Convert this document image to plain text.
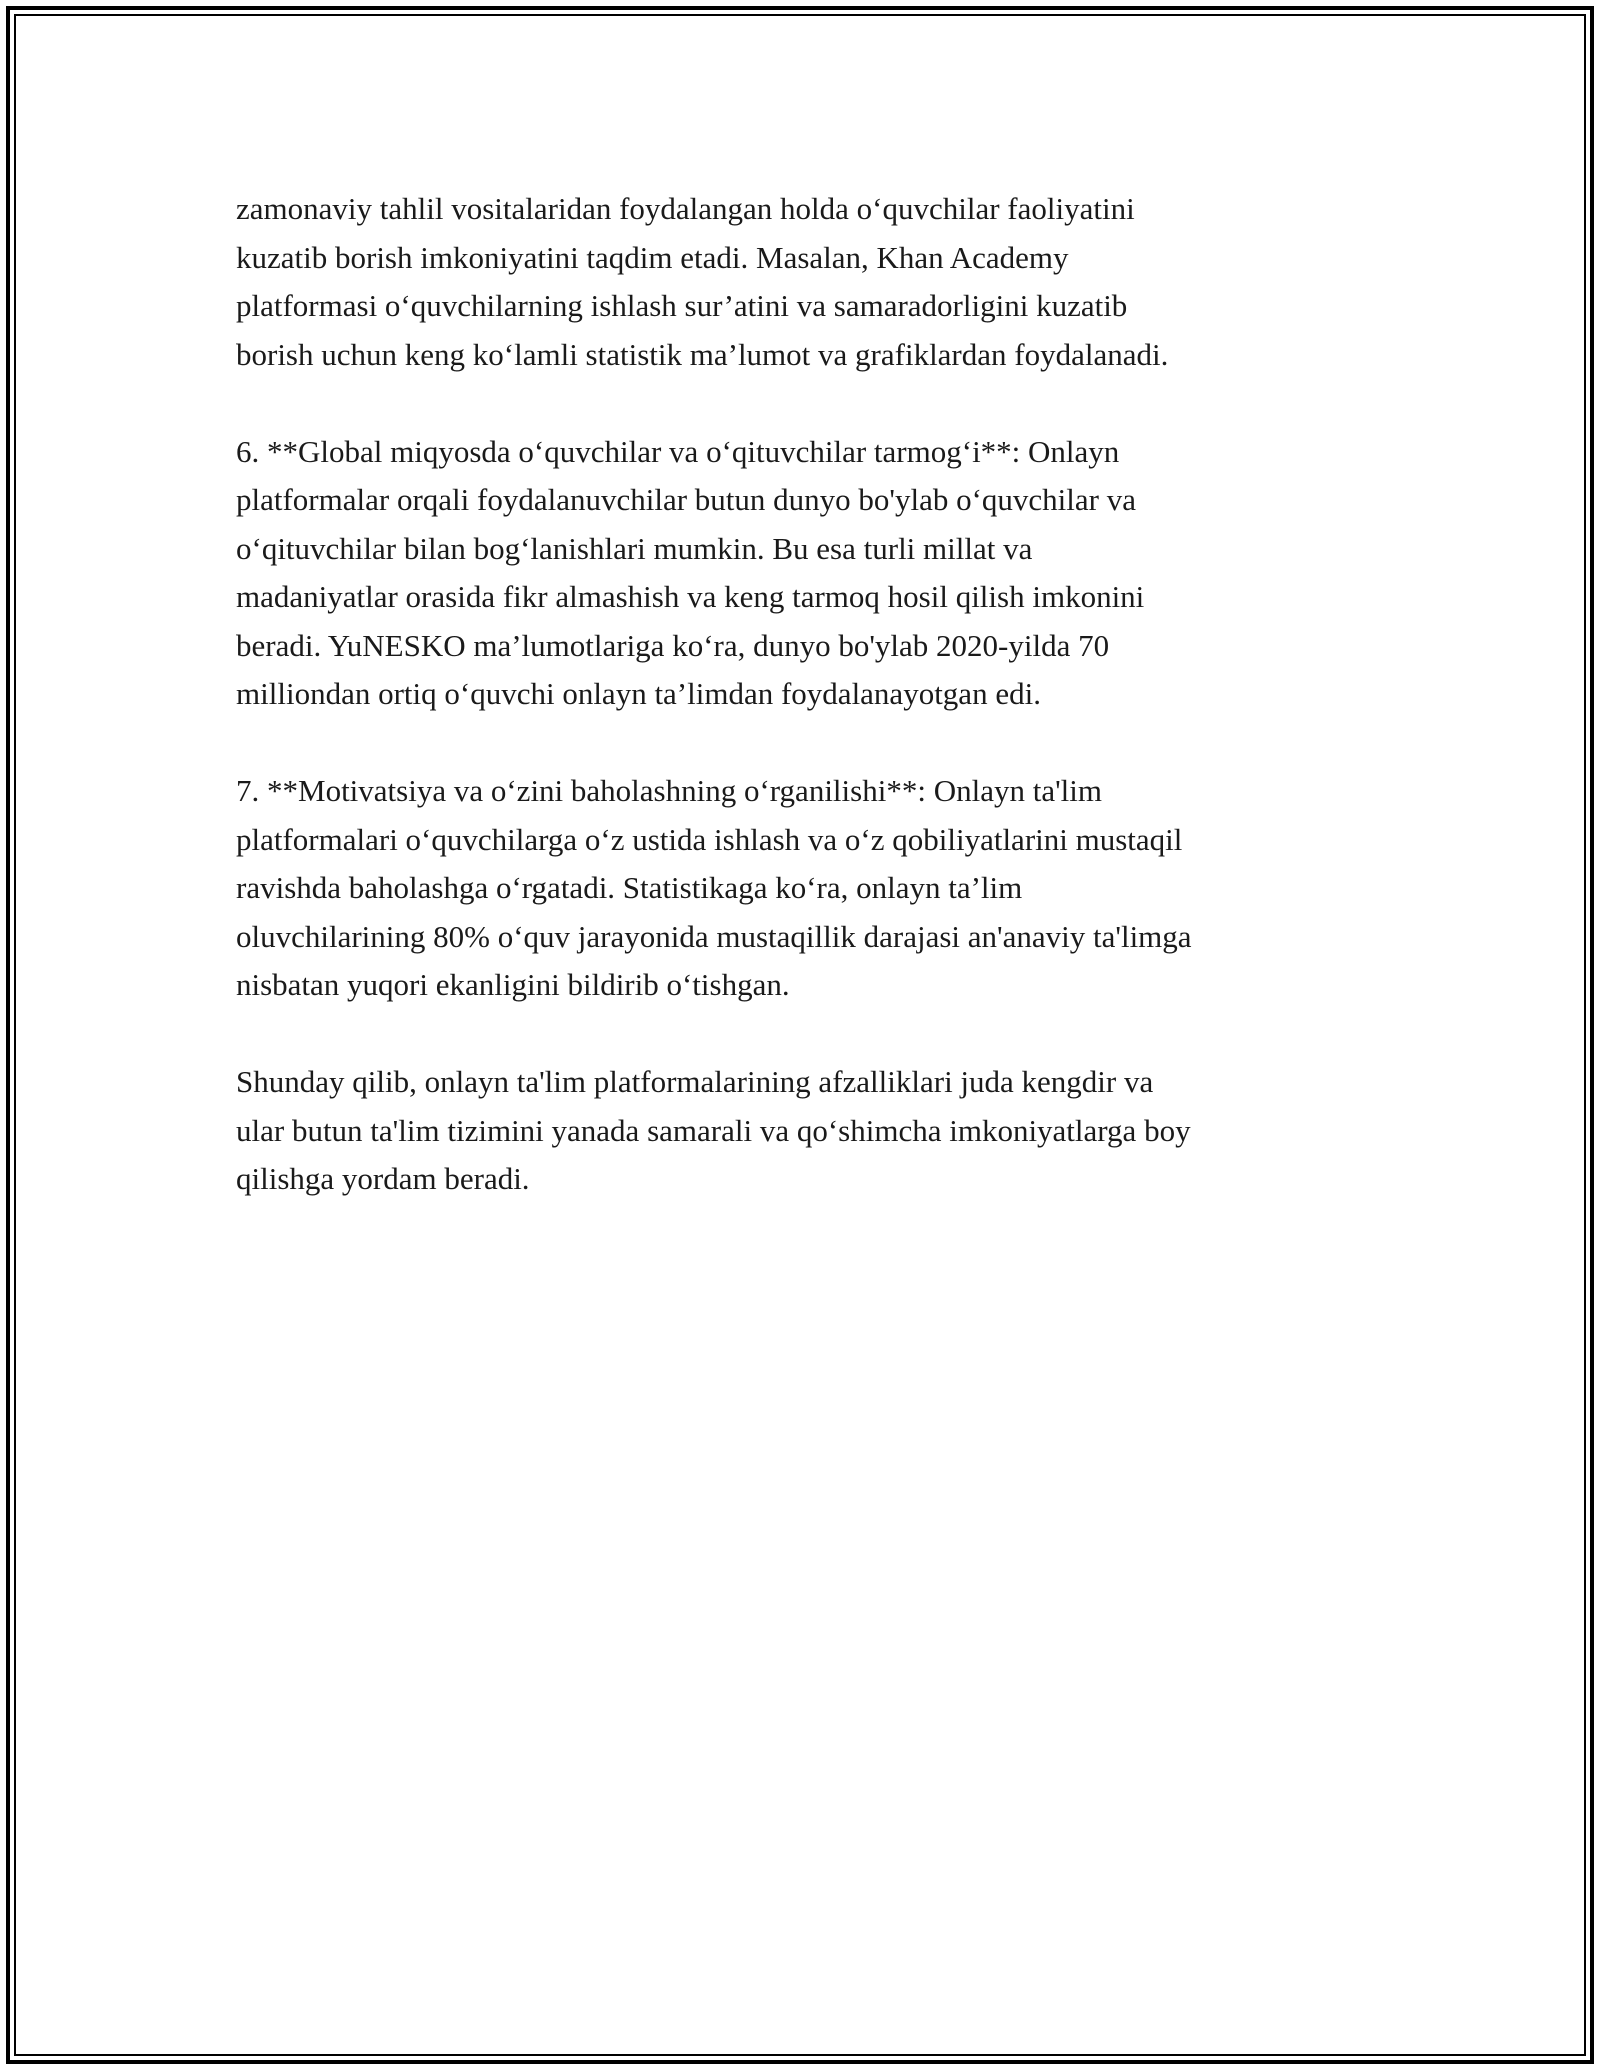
zamonaviy tahlil vositalaridan foydalangan holda o‘quvchilar faoliyatini
kuzatib borish imkoniyatini taqdim etadi. Masalan, Khan Academy
platformasi o‘quvchilarning ishlash sur’atini va samaradorligini kuzatib
borish uchun keng ko‘lamli statistik ma’lumot va grafiklardan foydalanadi.

6. **Global miqyosda o‘quvchilar va o‘qituvchilar tarmog‘i**: Onlayn
platformalar orqali foydalanuvchilar butun dunyo bo'ylab o‘quvchilar va
o‘qituvchilar bilan bog‘lanishlari mumkin. Bu esa turli millat va
madaniyatlar orasida fikr almashish va keng tarmoq hosil qilish imkonini
beradi. YuNESKO ma’lumotlariga ko‘ra, dunyo bo'ylab 2020-yilda 70
milliondan ortiq o‘quvchi onlayn ta’limdan foydalanayotgan edi.

7. **Motivatsiya va o‘zini baholashning o‘rganilishi**: Onlayn ta'lim
platformalari o‘quvchilarga o‘z ustida ishlash va o‘z qobiliyatlarini mustaqil
ravishda baholashga o‘rgatadi. Statistikaga ko‘ra, onlayn ta’lim
oluvchilarining 80% o‘quv jarayonida mustaqillik darajasi an'anaviy ta'limga
nisbatan yuqori ekanligini bildirib o‘tishgan.

Shunday qilib, onlayn ta'lim platformalarining afzalliklari juda kengdir va
ular butun ta'lim tizimini yanada samarali va qo‘shimcha imkoniyatlarga boy
qilishga yordam beradi.
